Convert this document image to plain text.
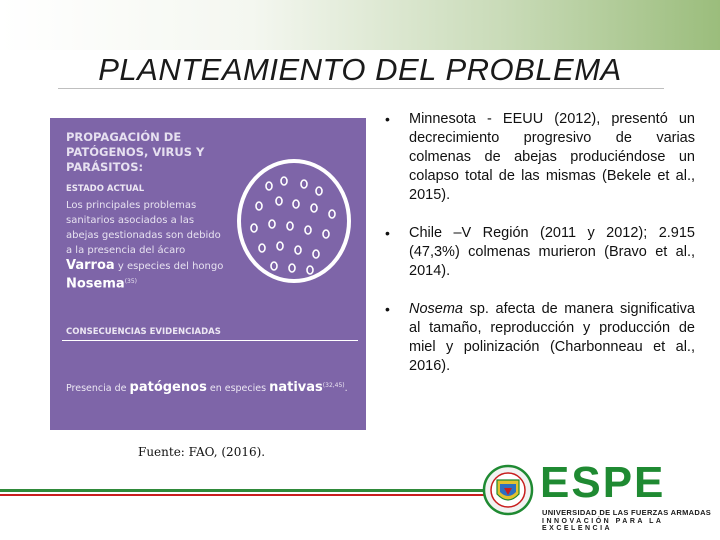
PLANTEAMIENTO DEL PROBLEMA
PROPAGACIÓN DE PATÓGENOS, VIRUS Y PARÁSITOS:
ESTADO ACTUAL
Los principales problemas sanitarios asociados a las abejas gestionadas son debido a la presencia del ácaro Varroa y especies del hongo Nosema$^{(35)}$
CONSECUENCIAS EVIDENCIADAS
Presencia de patógenos en especies nativas$^{(32,45)}$.
Fuente: FAO, (2016).
• Minnesota - EEUU (2012), presentó un decrecimiento progresivo de varias colmenas de abejas produciéndose un colapso total de las mismas (Bekele et al., 2015).
• Chile –V Región (2011 y 2012); 2.915 (47,3%) colmenas murieron (Bravo et al., 2014).
• Nosema sp. afecta de manera significativa al tamaño, reproducción y producción de miel y polinización (Charbonneau et al., 2016).
ESPE
UNIVERSIDAD DE LAS FUERZAS ARMADAS
INNOVACIÓN PARA LA EXCELENCIA
